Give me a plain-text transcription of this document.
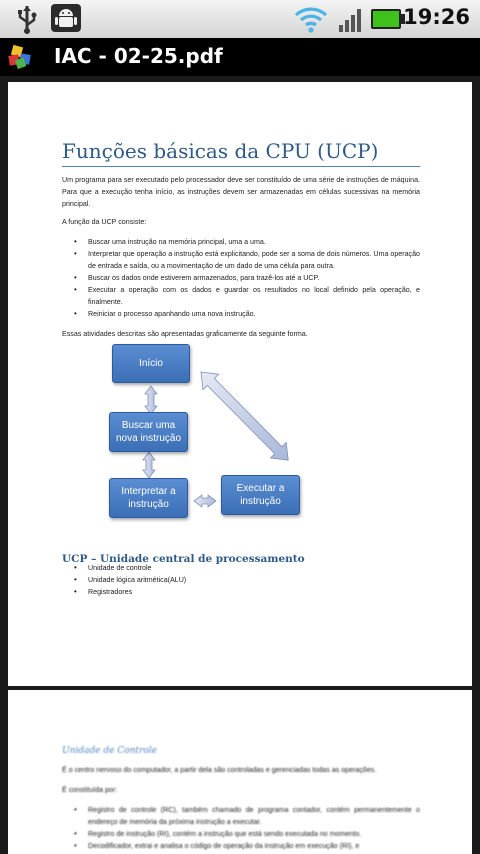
19:26
IAC - 02-25.pdf
Funções básicas da CPU (UCP)
Um programa para ser executado pelo processador deve ser constituído de uma série de instruções de máquina. Para que a execução tenha início, as instruções devem ser armazenadas em células sucessivas na memória principal.
A função da UCP consiste:
• Buscar uma instrução na memória principal, uma a uma.
• Interpretar que operação a instrução está explicitando, pode ser a soma de dois números. Uma operação de entrada e saída, ou a movimentação de um dado de uma célula para outra.
• Buscar os dados onde estiverem armazenados, para trazê-los até a UCP.
• Executar a operação com os dados e guardar os resultados no local definido pela operação, e finalmente.
• Reiniciar o processo apanhando uma nova instrução.
Essas atividades descritas são apresentadas graficamente da seguinte forma.
Início
Buscar uma nova instrução
Interpretar a instrução
Executar a instrução
UCP – Unidade central de processamento
• Unidade de controle
• Unidade lógica aritmética(ALU)
• Registradores
Unidade de Controle
É o centro nervoso do computador, a partir dela são controladas e gerenciadas todas as operações.
É constituída por:
• Registro de controle (RC), também chamado de programa contador, contém permanentemente o endereço de memória da próxima instrução a executar.
• Registro de instrução (RI), contém a instrução que está sendo executada no momento.
• Decodificador, extrai e analisa o código de operação da instrução em execução (RI), e
